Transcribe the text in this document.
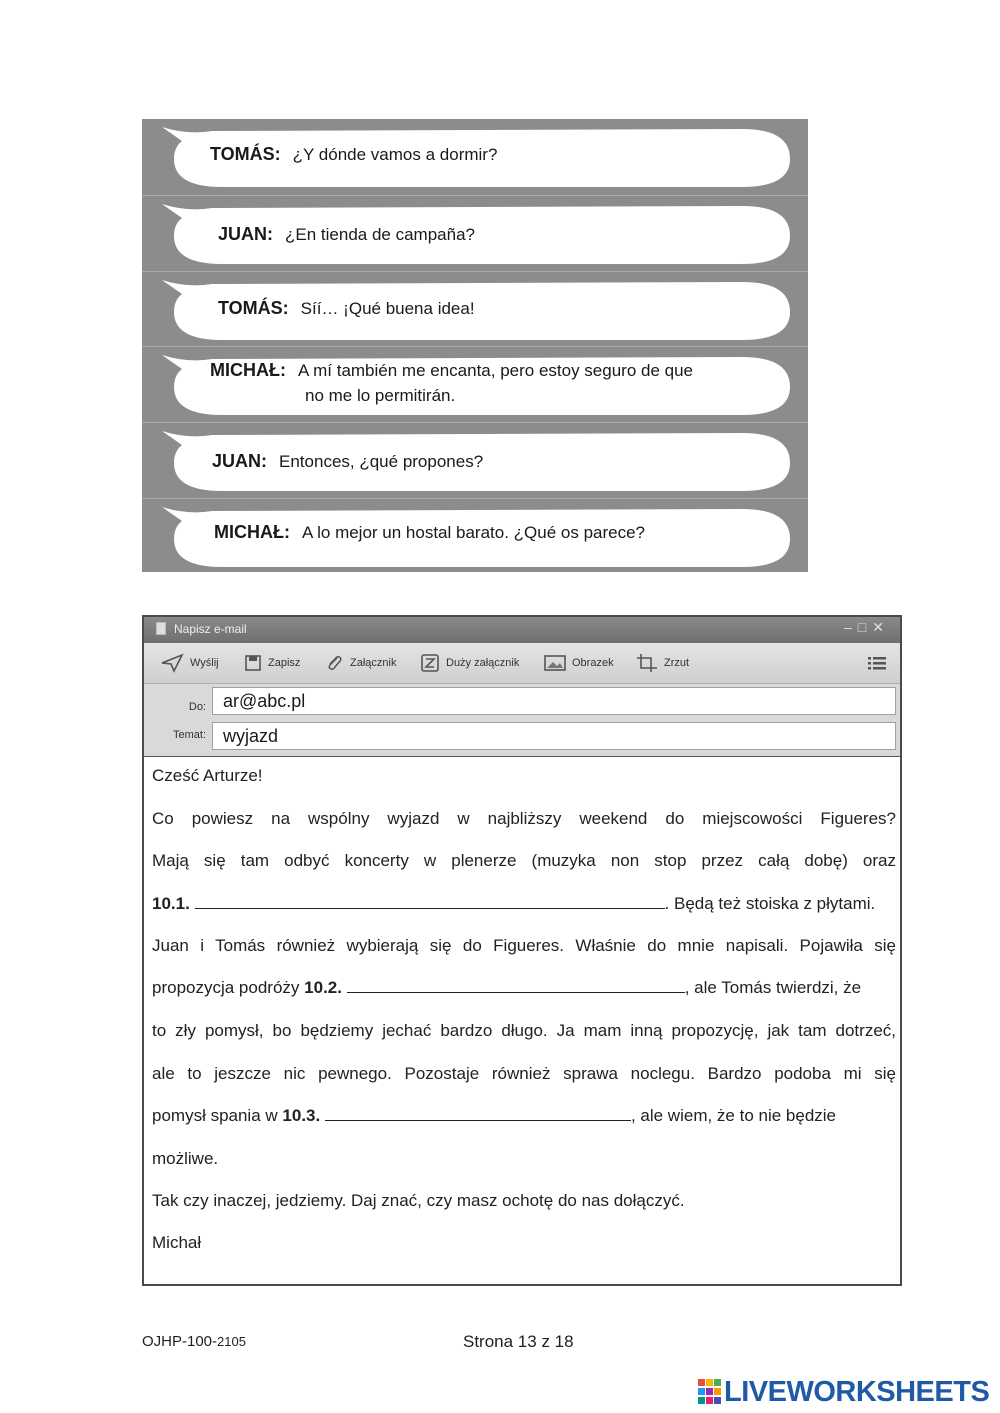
TOMÁS: ¿Y dónde vamos a dormir?
JUAN: ¿En tienda de campaña?
TOMÁS: Síí… ¡Qué buena idea!
MICHAŁ: A mí también me encanta, pero estoy seguro de que
no me lo permitirán.
JUAN: Entonces, ¿qué propones?
MICHAŁ: A lo mejor un hostal barato. ¿Qué os parece?
Napisz e-mail	–□✕
Wyślij	Zapisz	Załącznik	Duży załącznik	Obrazek	Zrzut
Do: ar@abc.pl
Temat: wyjazd
Cześć Arturze!
Co powiesz na wspólny wyjazd w najbliższy weekend do miejscowości Figueres?
Mają się tam odbyć koncerty w plenerze (muzyka non stop przez całą dobę) oraz
10.1.	. Będą też stoiska z płytami.
Juan i Tomás również wybierają się do Figueres. Właśnie do mnie napisali. Pojawiła się
propozycja podróży 10.2.	, ale Tomás twierdzi, że
to zły pomysł, bo będziemy jechać bardzo długo. Ja mam inną propozycję, jak tam dotrzeć,
ale to jeszcze nic pewnego. Pozostaje również sprawa noclegu. Bardzo podoba mi się
pomysł spania w 10.3.	, ale wiem, że to nie będzie
możliwe.
Tak czy inaczej, jedziemy. Daj znać, czy masz ochotę do nas dołączyć.
Michał
OJHP-100-2105	Strona 13 z 18
LIVEWORKSHEETS
